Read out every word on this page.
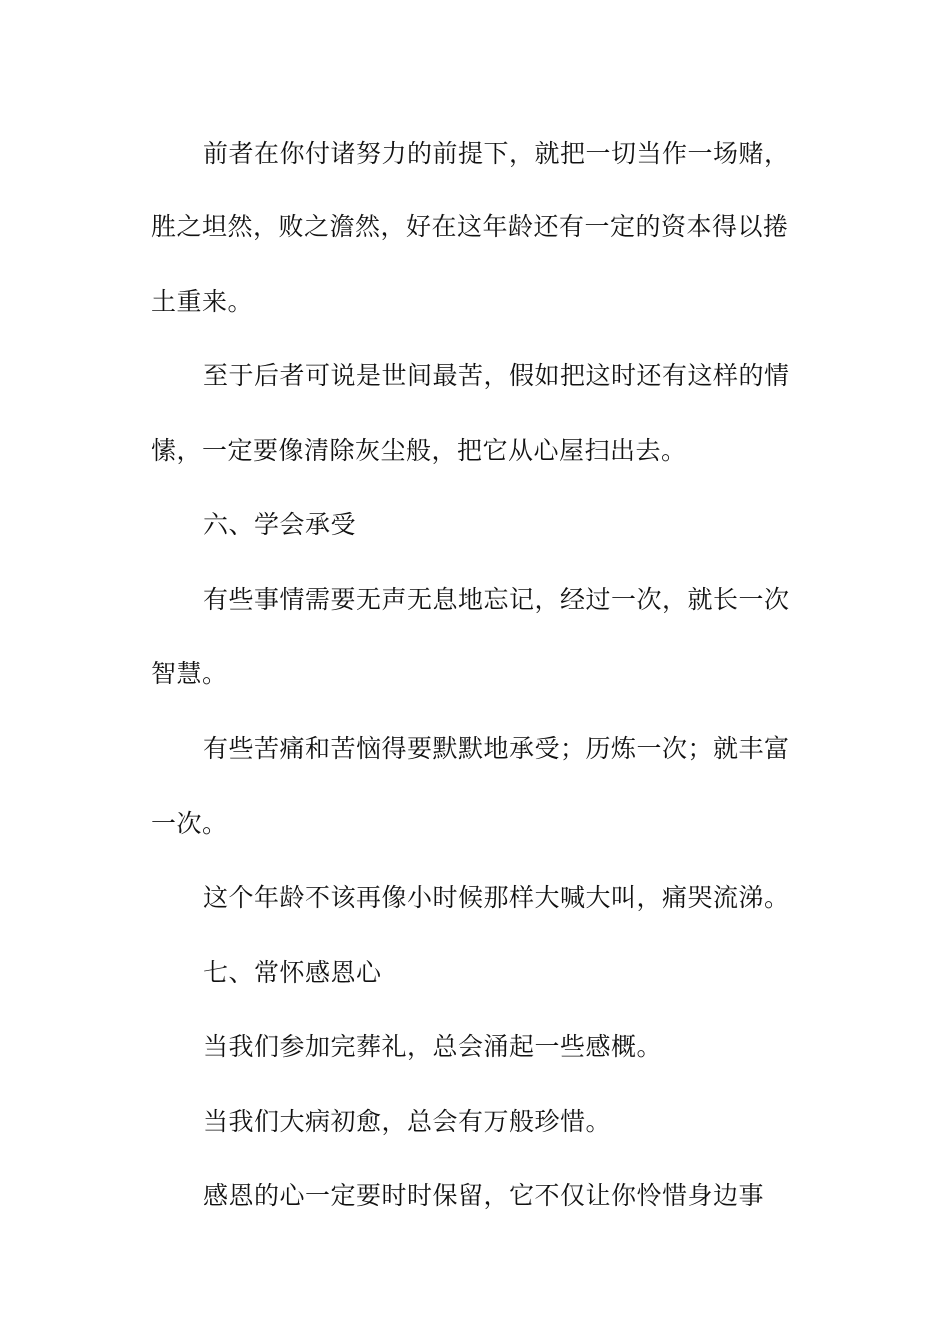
前者在你付诸努力的前提下，就把一切当作一场赌，
胜之坦然，败之澹然，好在这年龄还有一定的资本得以捲
土重来。
至于后者可说是世间最苦，假如把这时还有这样的情
愫，一定要像清除灰尘般，把它从心屋扫出去。
六、学会承受
有些事情需要无声无息地忘记，经过一次，就长一次
智慧。
有些苦痛和苦恼得要默默地承受；历炼一次；就丰富
一次。
这个年龄不该再像小时候那样大喊大叫，痛哭流涕。
七、常怀感恩心
当我们参加完葬礼，总会涌起一些感概。
当我们大病初愈，总会有万般珍惜。
感恩的心一定要时时保留，它不仅让你怜惜身边事
